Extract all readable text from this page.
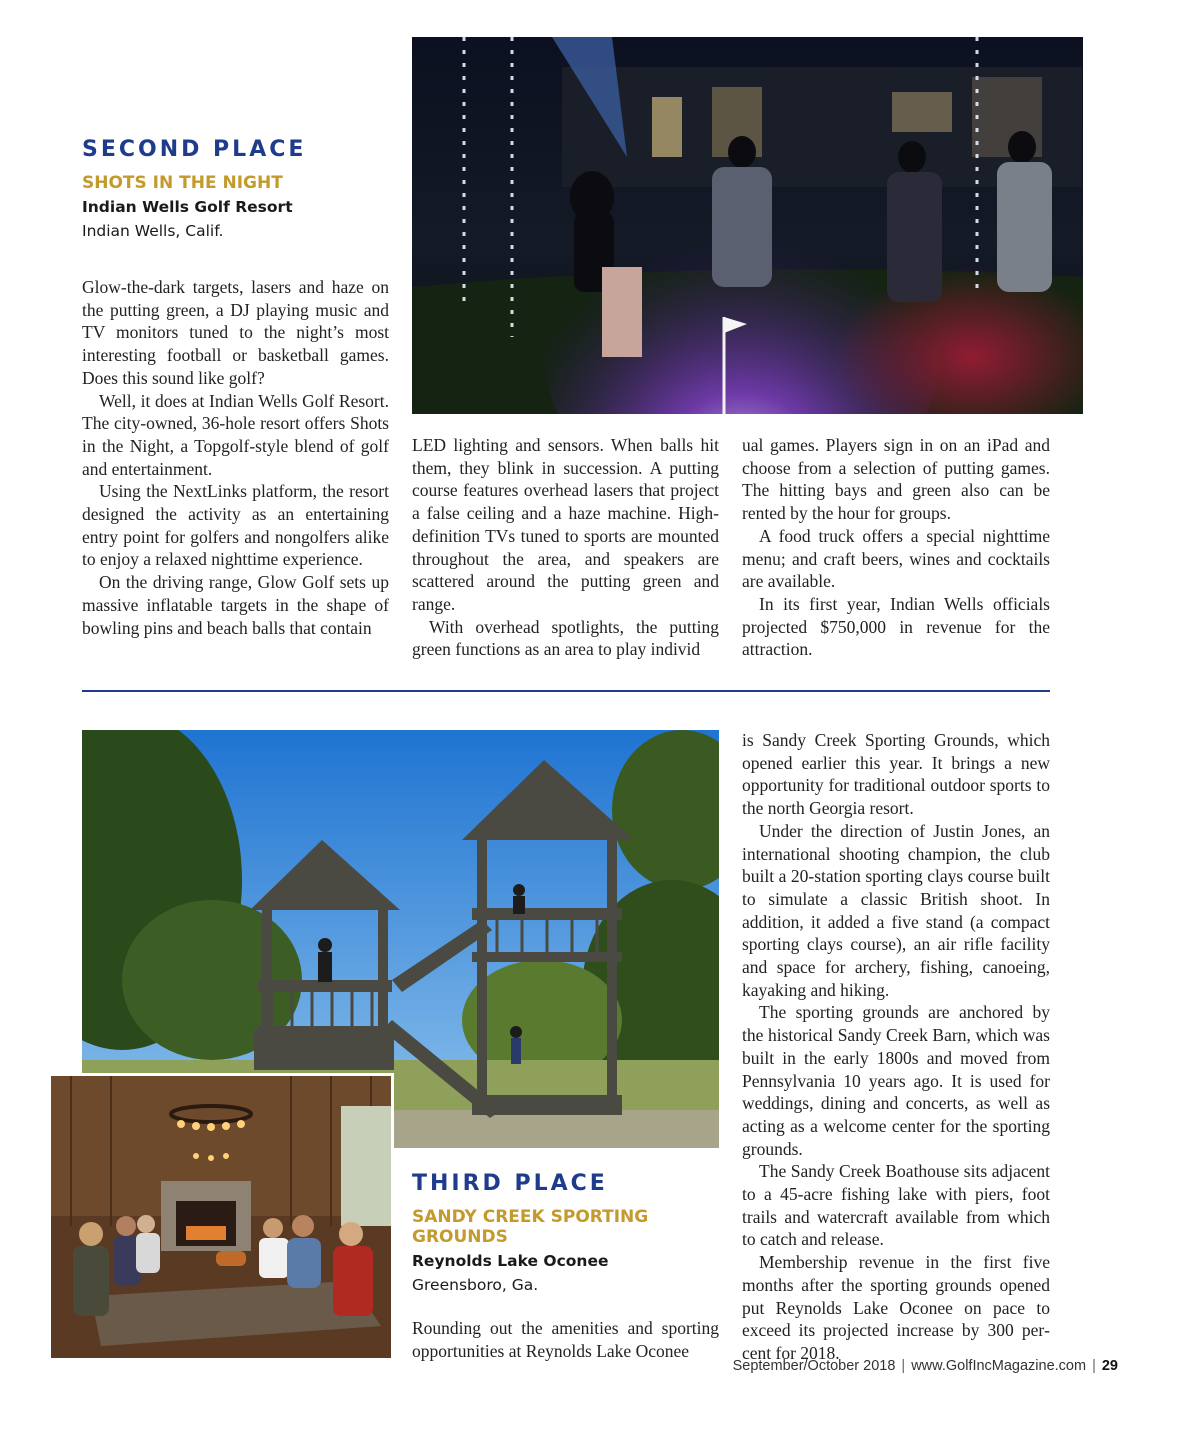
SECOND PLACE
SHOTS IN THE NIGHT
Indian Wells Golf Resort
Indian Wells, Calif.

Glow-the-dark targets, lasers and haze on the putting green, a DJ playing music and TV monitors tuned to the night’s most interesting football or basketball games. Does this sound like golf?

Well, it does at Indian Wells Golf Resort. The city-owned, 36-hole resort offers Shots in the Night, a Topgolf-style blend of golf and entertainment.

Using the NextLinks platform, the resort designed the activity as an entertaining entry point for golfers and nongolfers alike to enjoy a relaxed nighttime experience.

On the driving range, Glow Golf sets up massive inflatable targets in the shape of bowling pins and beach balls that contain

LED lighting and sensors. When balls hit them, they blink in succession. A putting course features overhead lasers that project a false ceiling and a haze machine. High-definition TVs tuned to sports are mounted throughout the area, and speakers are scattered around the putting green and range.

With overhead spotlights, the putting green functions as an area to play individ

ual games. Players sign in on an iPad and choose from a selection of putting games. The hitting bays and green also can be rented by the hour for groups.

A food truck offers a special nighttime menu; and craft beers, wines and cocktails are available.

In its first year, Indian Wells officials projected $750,000 in revenue for the attraction.

THIRD PLACE
SANDY CREEK SPORTING
GROUNDS
Reynolds Lake Oconee
Greensboro, Ga.

Rounding out the amenities and sporting opportunities at Reynolds Lake Oconee

is Sandy Creek Sporting Grounds, which opened earlier this year. It brings a new opportunity for traditional outdoor sports to the north Georgia resort.

Under the direction of Justin Jones, an international shooting champion, the club built a 20-station sporting clays course built to simulate a classic British shoot. In addition, it added a five stand (a compact sporting clays course), an air rifle facility and space for archery, fishing, canoeing, kayaking and hiking.

The sporting grounds are anchored by the historical Sandy Creek Barn, which was built in the early 1800s and moved from Pennsylvania 10 years ago. It is used for weddings, dining and concerts, as well as acting as a welcome center for the sporting grounds.

The Sandy Creek Boathouse sits adjacent to a 45-acre fishing lake with piers, foot trails and watercraft available from which to catch and release.

Membership revenue in the first five months after the sporting grounds opened put Reynolds Lake Oconee on pace to exceed its projected increase by 300 percent for 2018.

September/October 2018 | www.GolfIncMagazine.com | 29
